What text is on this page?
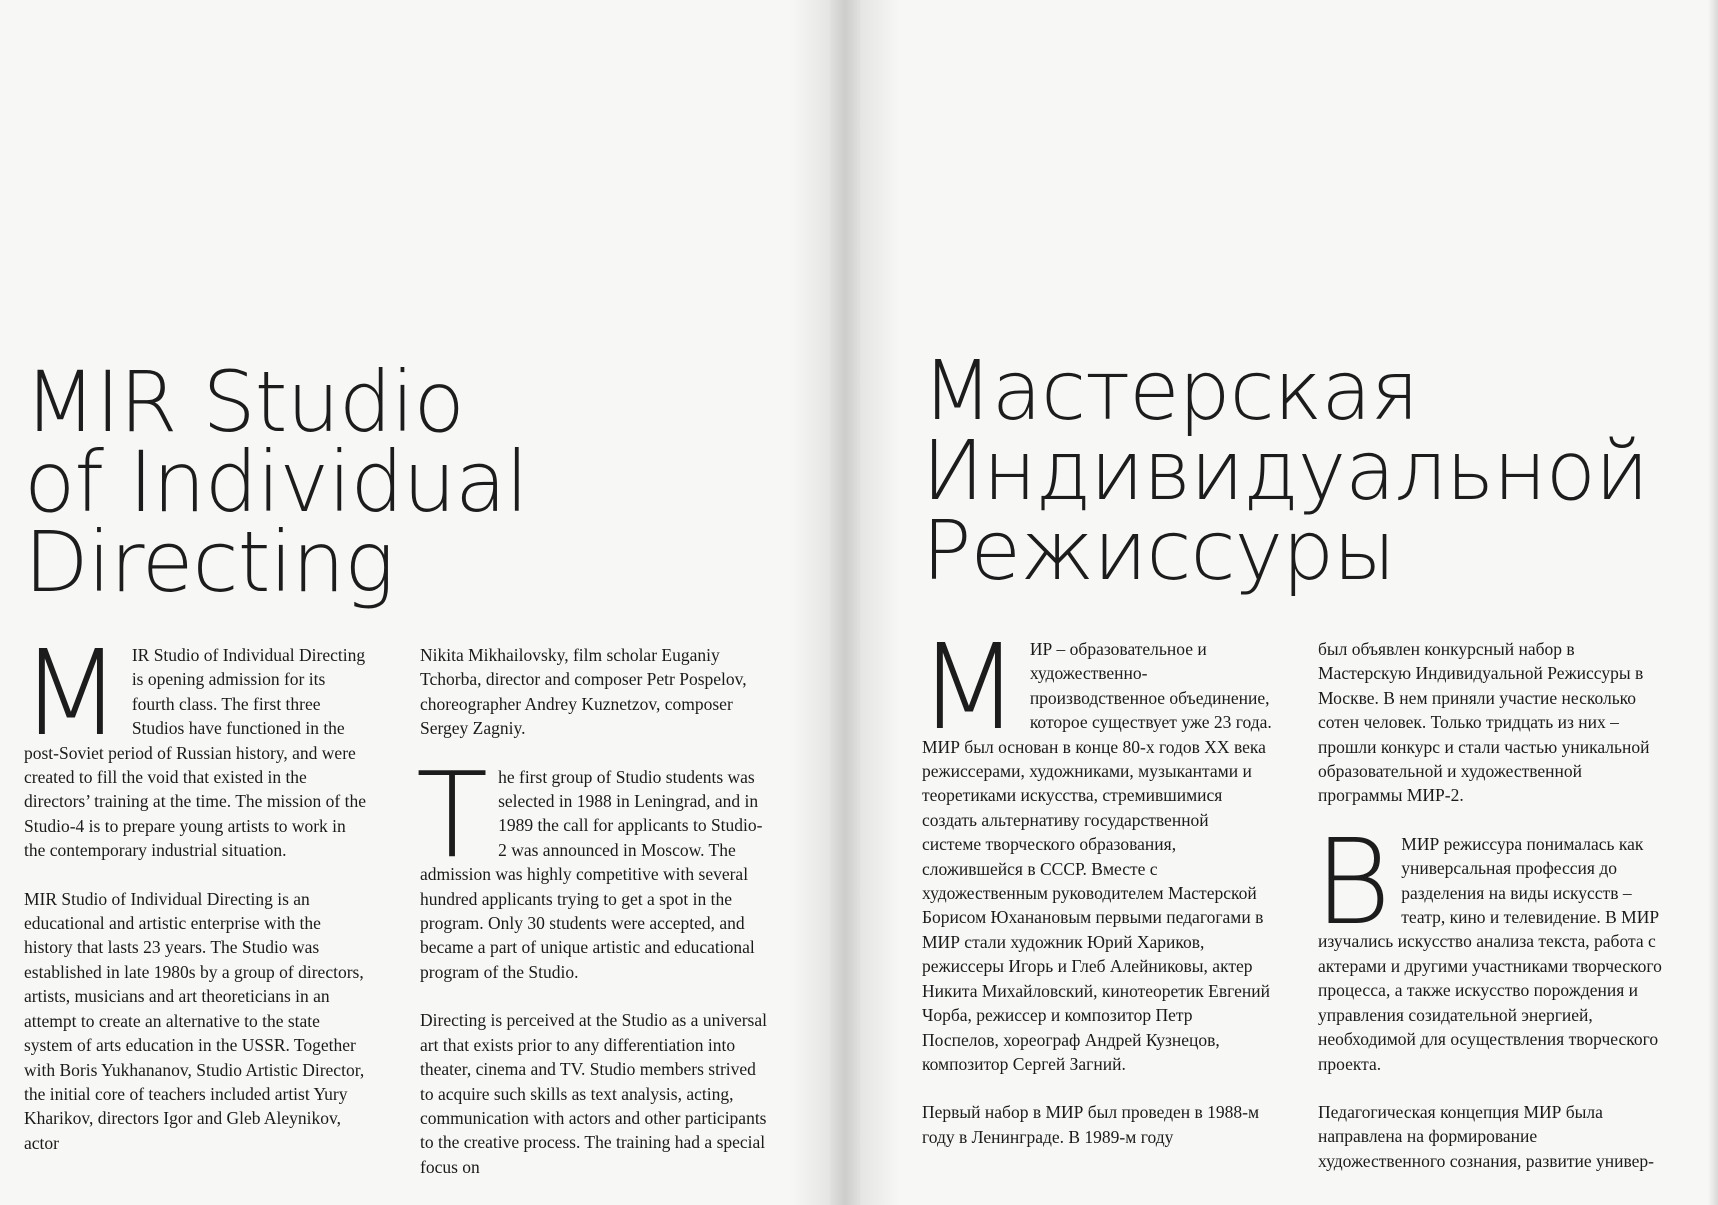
MIR Studio
of Individual
Directing

MIR Studio of Individual Directing is opening admission for its fourth class. The first three Studios have functioned in the post-Soviet period of Russian history, and were created to fill the void that existed in the directors’ training at the time. The mission of the Studio-4 is to prepare young artists to work in the contemporary industrial situation.

MIR Studio of Individual Directing is an educational and artistic enterprise with the history that lasts 23 years. The Studio was established in late 1980s by a group of directors, artists, musicians and art theoreticians in an attempt to create an alternative to the state system of arts education in the USSR. Together with Boris Yukhananov, Studio Artistic Director, the initial core of teachers included artist Yury Kharikov, directors Igor and Gleb Aleynikov, actor

Nikita Mikhailovsky, film scholar Euganiy Tchorba, director and composer Petr Pospelov, choreographer Andrey Kuznetzov, composer Sergey Zagniy.

The first group of Studio students was selected in 1988 in Leningrad, and in 1989 the call for applicants to Studio-2 was announced in Moscow. The admission was highly competitive with several hundred applicants trying to get a spot in the program. Only 30 students were accepted, and became a part of unique artistic and educational program of the Studio.

Directing is perceived at the Studio as a universal art that exists prior to any differentiation into theater, cinema and TV. Studio members strived to acquire such skills as text analysis, acting, communication with actors and other participants to the creative process. The training had a special focus on

Мастерская
Индивидуальной
Режиссуры

МИР – образовательное и художественно-производственное объединение, которое существует уже 23 года. МИР был основан в конце 80-х годов XX века режиссерами, художниками, музыкантами и теоретиками искусства, стремившимися создать альтернативу государственной системе творческого образования, сложившейся в СССР. Вместе с художественным руководителем Мастерской Борисом Юханановым первыми педагогами в МИР стали художник Юрий Хариков, режиссеры Игорь и Глеб Алейниковы, актер Никита Михайловский, кинотеоретик Евгений Чорба, режиссер и композитор Петр Поспелов, хореограф Андрей Кузнецов, композитор Сергей Загний.

Первый набор в МИР был проведен в 1988-м году в Ленинграде. В 1989-м году

был объявлен конкурсный набор в Мастерскую Индивидуальной Режиссуры в Москве. В нем приняли участие несколько сотен человек. Только тридцать из них – прошли конкурс и стали частью уникальной образовательной и художественной программы МИР-2.

ВМИР режиссура понималась как универсальная профессия до разделения на виды искусств – театр, кино и телевидение. В МИР изучались искусство анализа текста, работа с актерами и другими участниками творческого процесса, а также искусство порождения и управления созидательной энергией, необходимой для осуществления творческого проекта.

Педагогическая концепция МИР была направлена на формирование художественного сознания, развитие универ-
